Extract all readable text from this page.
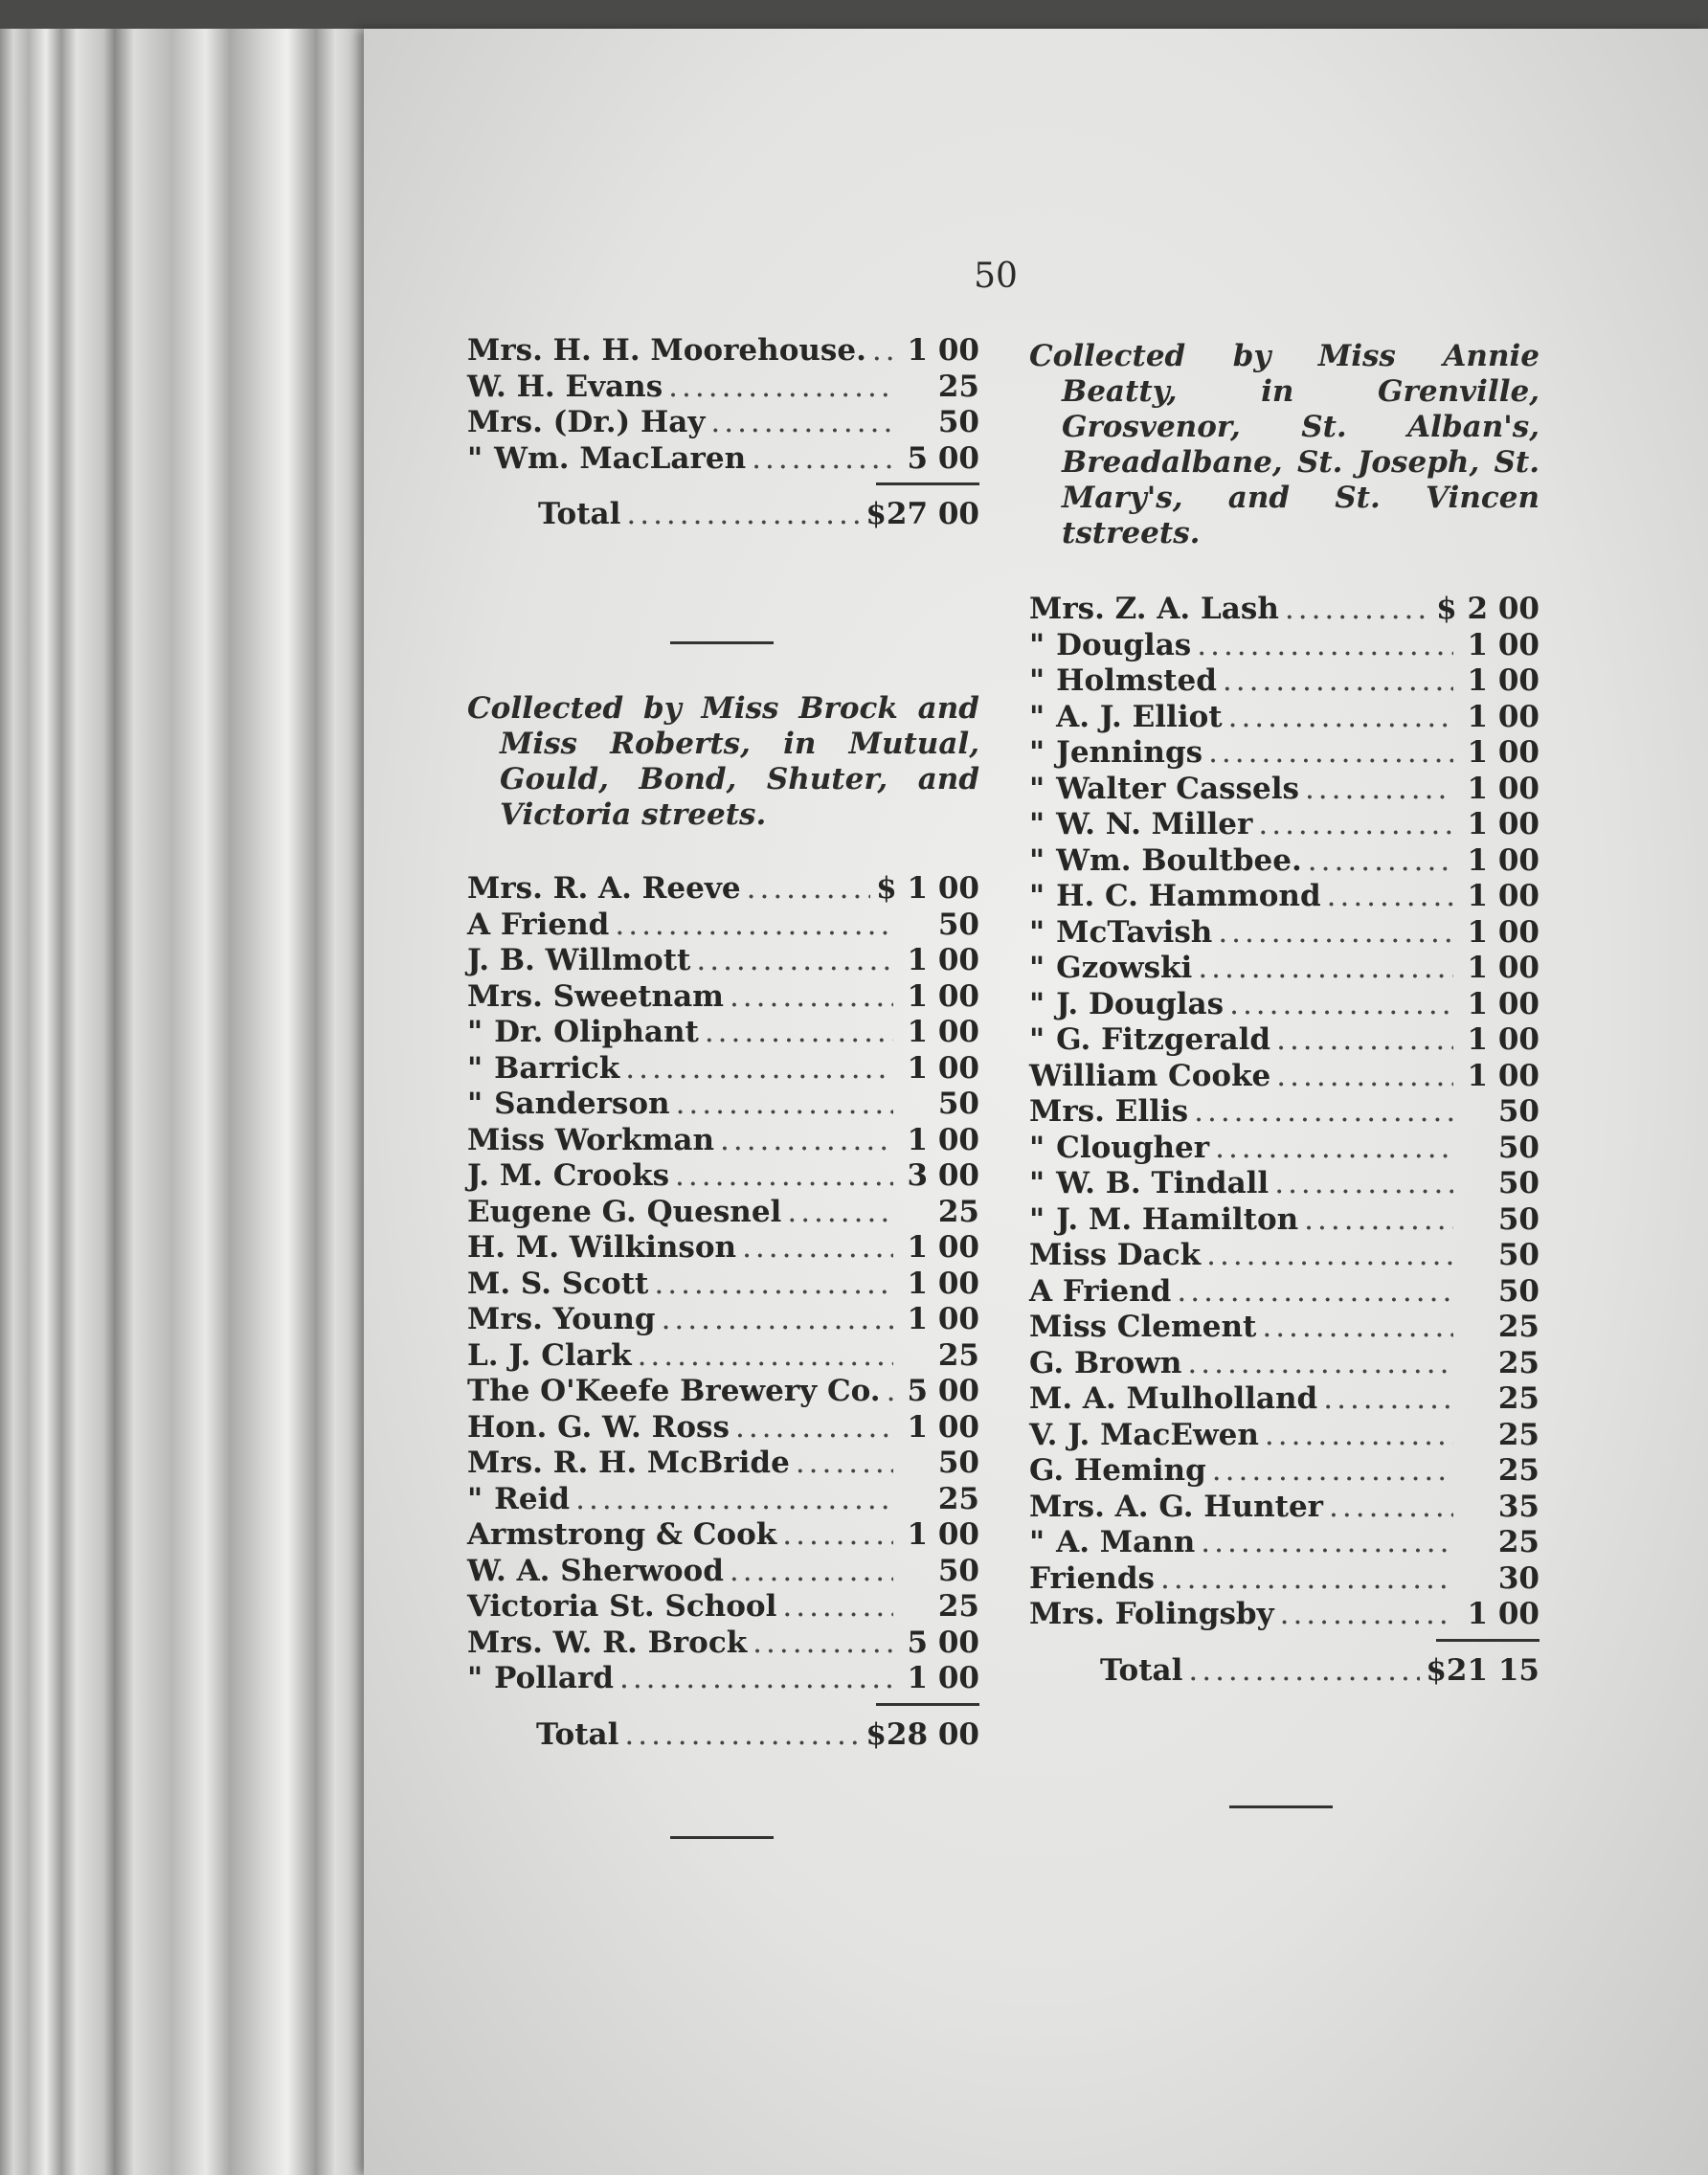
50
Mrs. H. H. Moorehouse. ..... 1 00
W. H. Evans .....	25
Mrs. (Dr.) Hay .....	50
" Wm. MacLaren .....	5 00
Total .....	$27 00
Collected by Miss Brock and Miss Roberts, in Mutual, Gould, Bond, Shuter, and Victoria streets.
Mrs. R. A. Reeve .....	$ 1 00
A Friend .....	50
J. B. Willmott .....	1 00
Mrs. Sweetnam .....	1 00
" Dr. Oliphant .....	1 00
" Barrick .....	1 00
" Sanderson .....	50
Miss Workman .....	1 00
J. M. Crooks .....	3 00
Eugene G. Quesnel .....	25
H. M. Wilkinson .....	1 00
M. S. Scott .....	1 00
Mrs. Young .....	1 00
L. J. Clark .....	25
The O'Keefe Brewery Co. ..... 5 00
Hon. G. W. Ross .....	1 00
Mrs. R. H. McBride .....	50
" Reid .....	25
Armstrong & Cook .....	1 00
W. A. Sherwood .....	50
Victoria St. School .....	25
Mrs. W. R. Brock .....	5 00
" Pollard .....	1 00
Total .....	$28 00
Collected by Miss Annie Beatty, in Grenville, Grosvenor, St. Alban's, Breadalbane, St. Joseph, St. Mary's, and St. Vincen tstreets.
Mrs. Z. A. Lash .....	$ 2 00
" Douglas .....	1 00
" Holmsted .....	1 00
" A. J. Elliot .....	1 00
" Jennings .....	1 00
" Walter Cassels .....	1 00
" W. N. Miller .....	1 00
" Wm. Boultbee. .....	1 00
" H. C. Hammond .....	1 00
" McTavish .....	1 00
" Gzowski .....	1 00
" J. Douglas .....	1 00
" G. Fitzgerald .....	1 00
William Cooke .....	1 00
Mrs. Ellis .....	50
" Clougher .....	50
" W. B. Tindall .....	50
" J. M. Hamilton .....	50
Miss Dack .....	50
A Friend .....	50
Miss Clement .....	25
G. Brown .....	25
M. A. Mulholland .....	25
V. J. MacEwen .....	25
G. Heming .....	25
Mrs. A. G. Hunter .....	35
" A. Mann .....	25
Friends .....	30
Mrs. Folingsby .....	1 00
Total .....	$21 15
